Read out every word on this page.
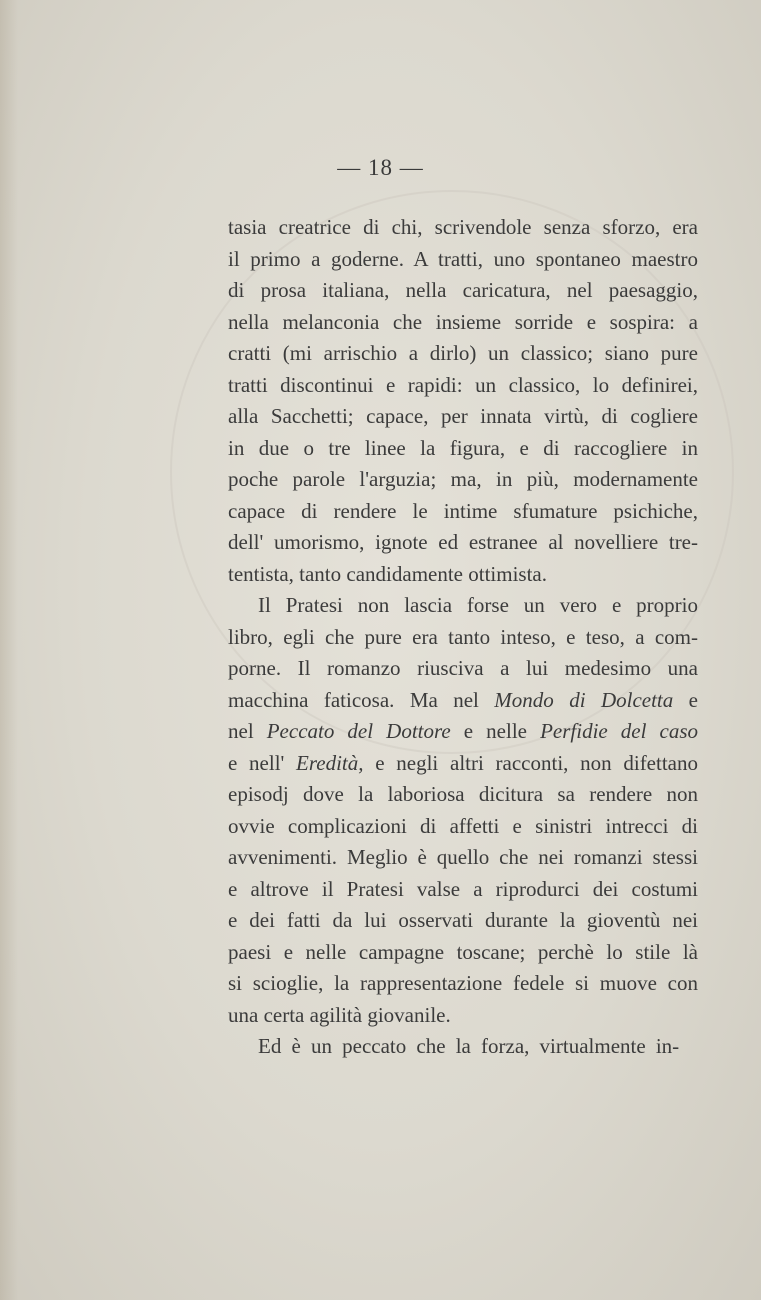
— 18 —
tasia creatrice di chi, scrivendole senza sforzo, era
il primo a goderne. A tratti, uno spontaneo maestro
di prosa italiana, nella caricatura, nel paesaggio,
nella melanconia che insieme sorride e sospira: a
cratti (mi arrischio a dirlo) un classico; siano pure
tratti discontinui e rapidi: un classico, lo definirei,
alla Sacchetti; capace, per innata virtù, di cogliere
in due o tre linee la figura, e di raccogliere in
poche parole l'arguzia; ma, in più, modernamente
capace di rendere le intime sfumature psichiche,
dell' umorismo, ignote ed estranee al novelliere tre-
tentista, tanto candidamente ottimista.
Il Pratesi non lascia forse un vero e proprio
libro, egli che pure era tanto inteso, e teso, a com-
porne. Il romanzo riusciva a lui medesimo una
macchina faticosa. Ma nel Mondo di Dolcetta e
nel Peccato del Dottore e nelle Perfidie del caso
e nell' Eredità, e negli altri racconti, non difettano
episodj dove la laboriosa dicitura sa rendere non
ovvie complicazioni di affetti e sinistri intrecci di
avvenimenti. Meglio è quello che nei romanzi stessi
e altrove il Pratesi valse a riprodurci dei costumi
e dei fatti da lui osservati durante la gioventù nei
paesi e nelle campagne toscane; perchè lo stile là
si scioglie, la rappresentazione fedele si muove con
una certa agilità giovanile.
Ed è un peccato che la forza, virtualmente in-
